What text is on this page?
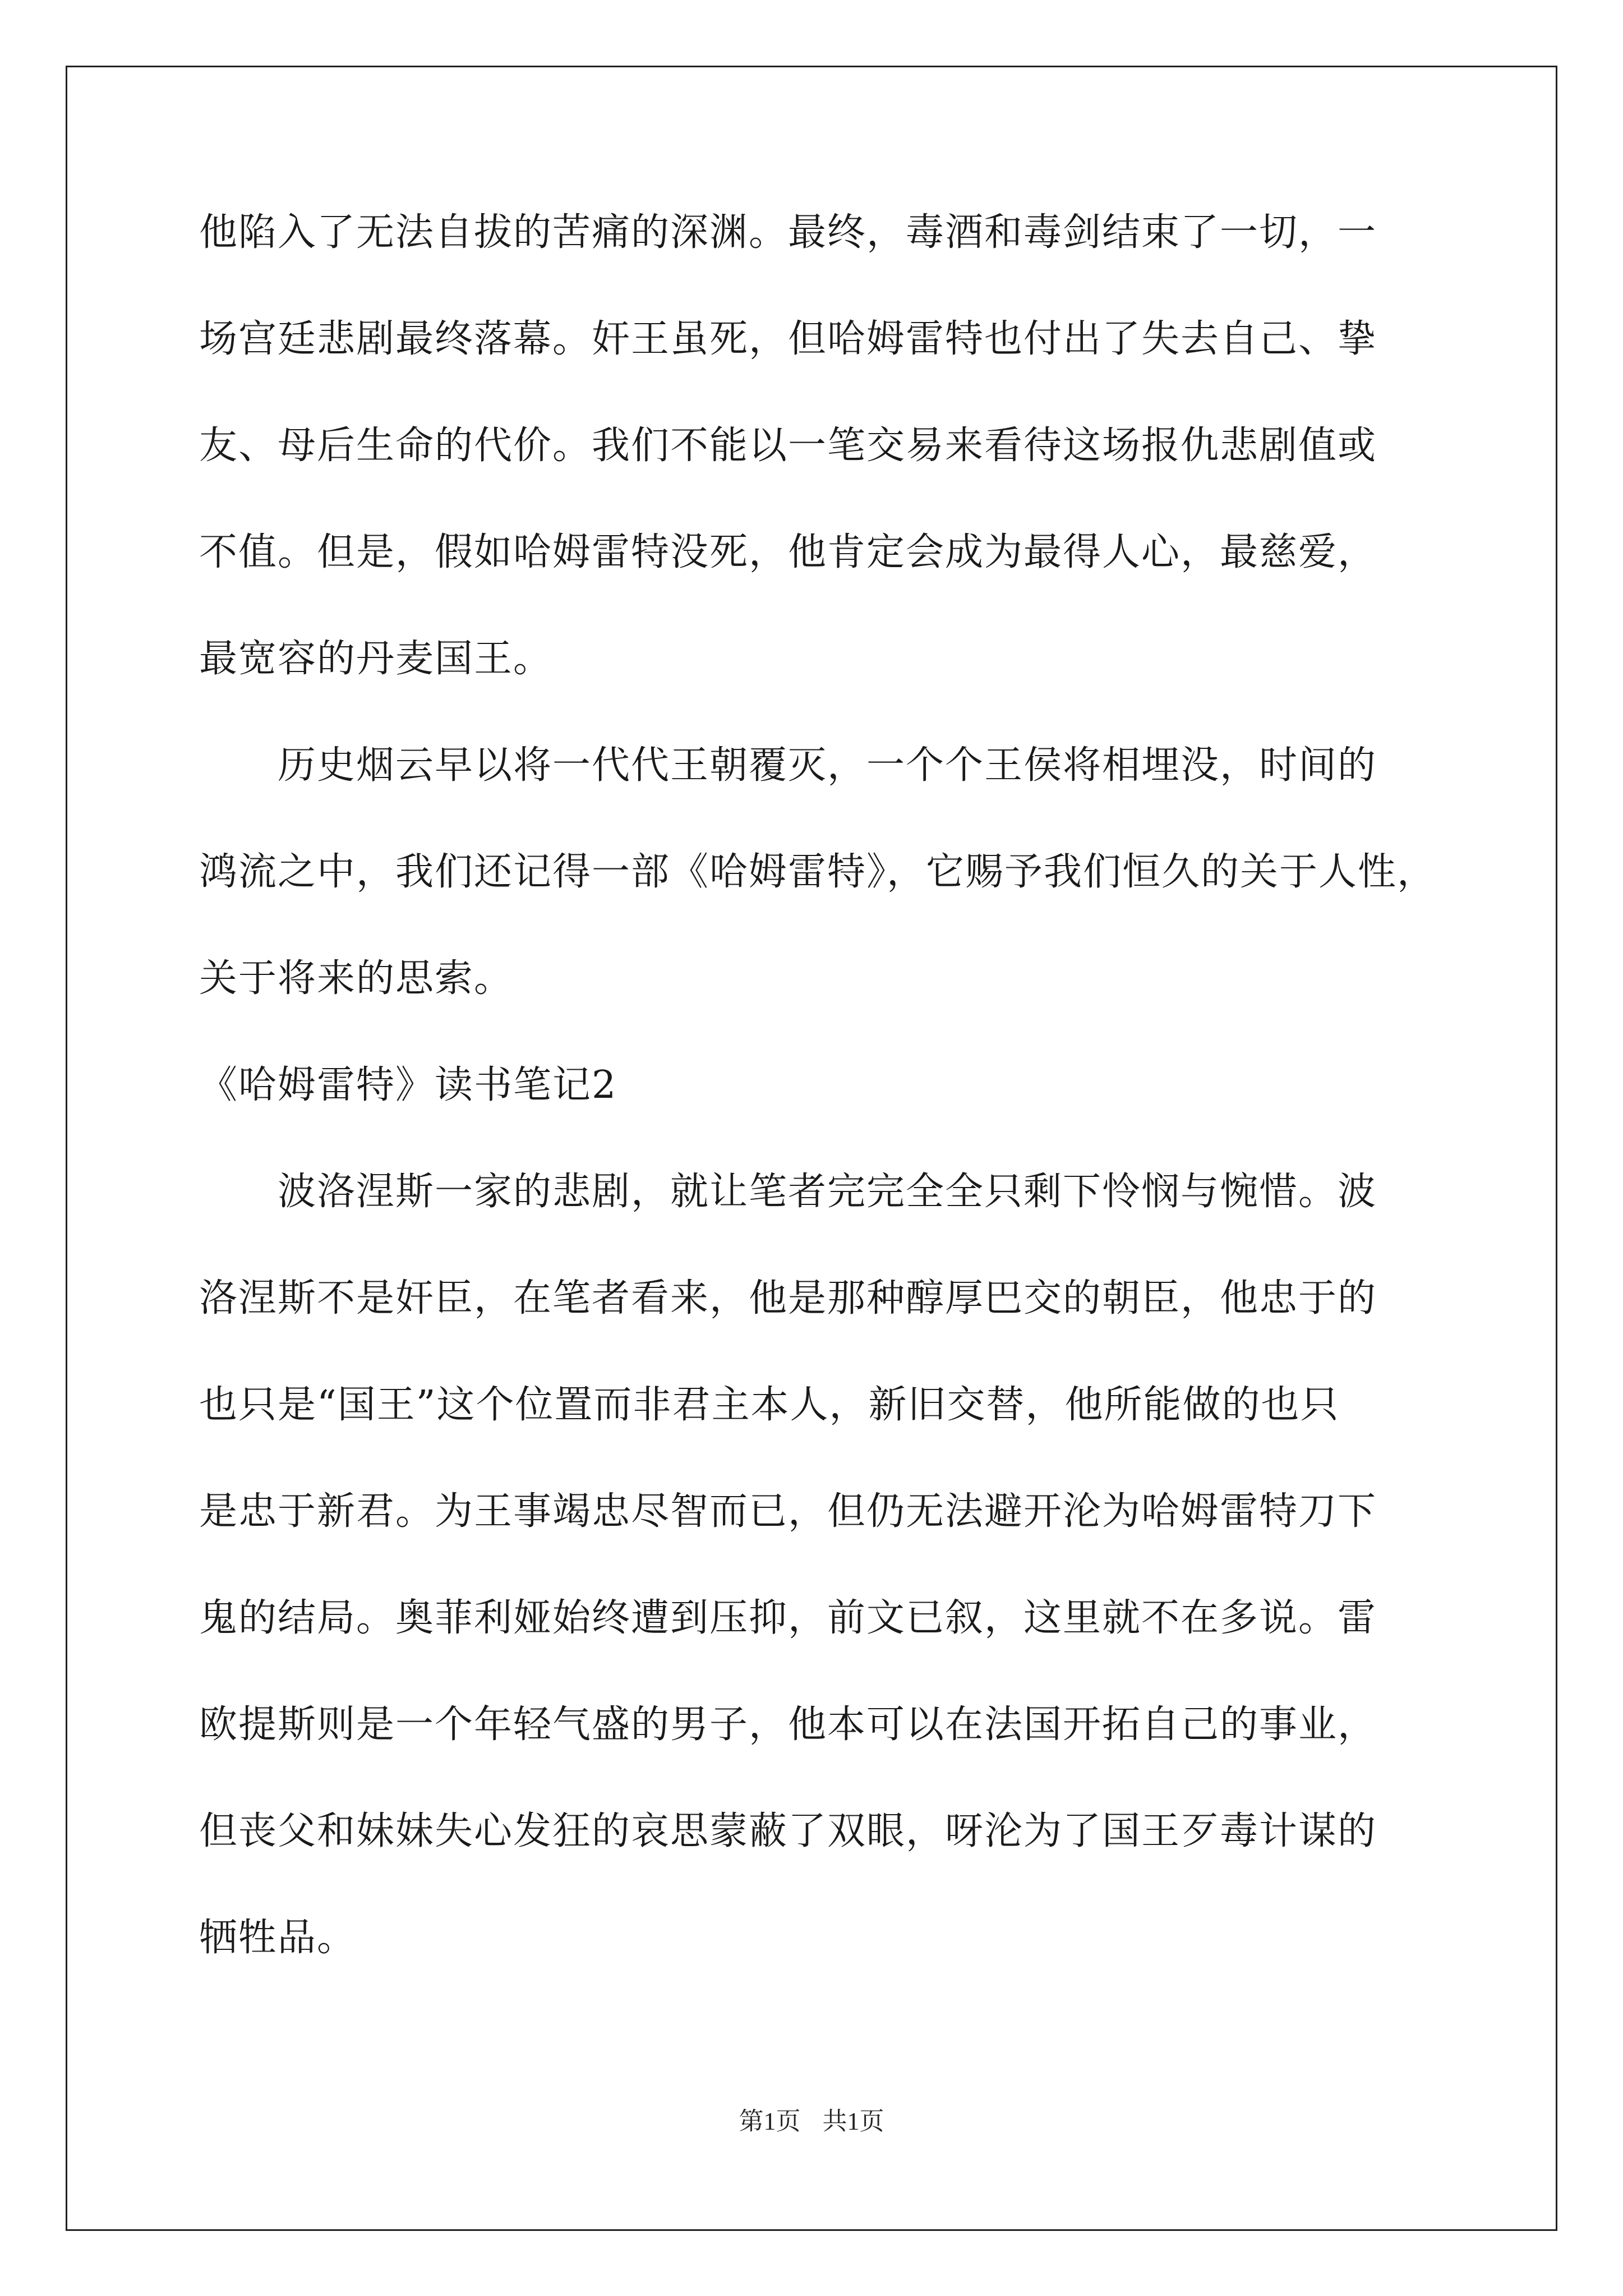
他陷入了无法自拔的苦痛的深渊。最终，毒酒和毒剑结束了一切，一
场宫廷悲剧最终落幕。奸王虽死，但哈姆雷特也付出了失去自己、挚
友、母后生命的代价。我们不能以一笔交易来看待这场报仇悲剧值或
不值。但是，假如哈姆雷特没死，他肯定会成为最得人心，最慈爱，
最宽容的丹麦国王。
历史烟云早以将一代代王朝覆灭，一个个王侯将相埋没，时间的
鸿流之中，我们还记得一部《哈姆雷特》，它赐予我们恒久的关于人性，
关于将来的思索。
《哈姆雷特》读书笔记2
波洛涅斯一家的悲剧，就让笔者完完全全只剩下怜悯与惋惜。波
洛涅斯不是奸臣，在笔者看来，他是那种醇厚巴交的朝臣，他忠于的
也只是“国王”这个位置而非君主本人，新旧交替，他所能做的也只
是忠于新君。为王事竭忠尽智而已，但仍无法避开沦为哈姆雷特刀下
鬼的结局。奥菲利娅始终遭到压抑，前文已叙，这里就不在多说。雷
欧提斯则是一个年轻气盛的男子，他本可以在法国开拓自己的事业，
但丧父和妹妹失心发狂的哀思蒙蔽了双眼，呀沦为了国王歹毒计谋的
牺牲品。
第1页 共1页
